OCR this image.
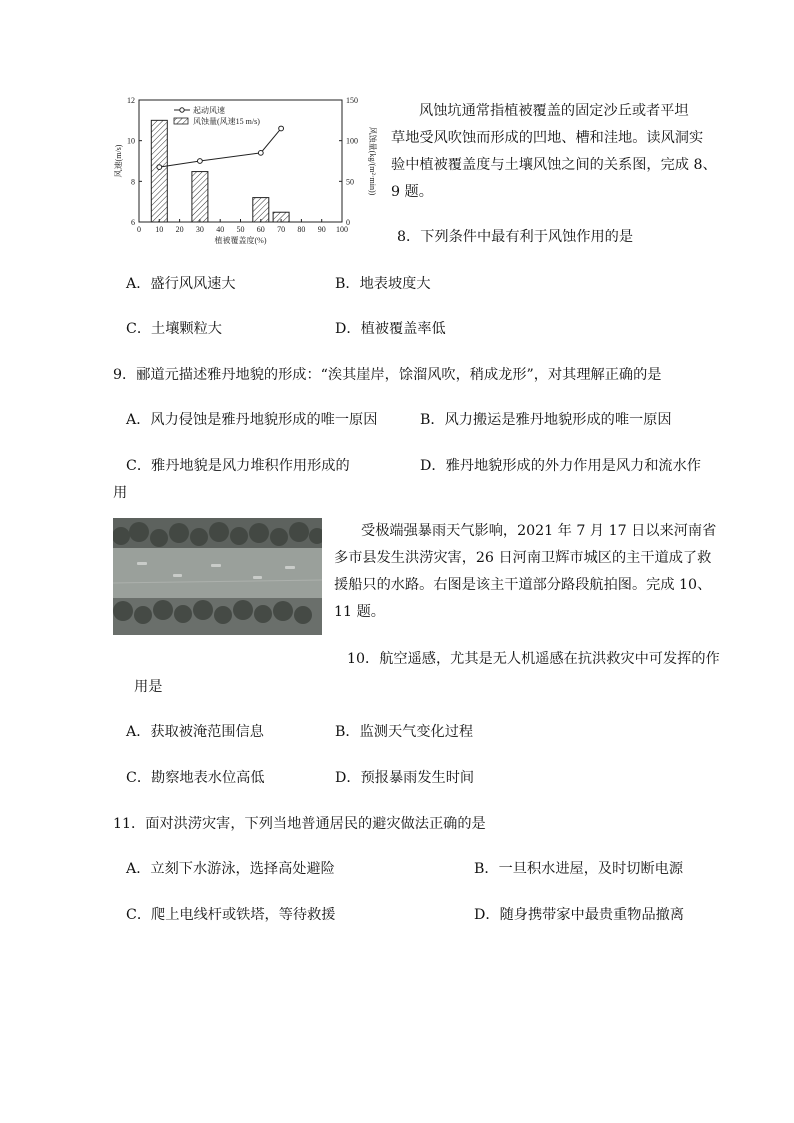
0 10 20 30 40 50 60 70 80 90 100
6
8
10
12
0
50
100
150
植被覆盖度(%)
风速(m/s)	风蚀量(kg/(m²·min))
起动风速
风蚀量(风速15 m/s)
风蚀坑通常指植被覆盖的固定沙丘或者平坦
草地受风吹蚀而形成的凹地、槽和洼地。读风洞实
验中植被覆盖度与土壤风蚀之间的关系图，完成 8、
9 题。
8．下列条件中最有利于风蚀作用的是
A．盛行风风速大	B．地表坡度大
C．土壤颗粒大	D．植被覆盖率低
9．郦道元描述雅丹地貌的形成：“涘其崖岸，馀溜风吹，稍成龙形”，对其理解正确的是
A．风力侵蚀是雅丹地貌形成的唯一原因	B．风力搬运是雅丹地貌形成的唯一原因
C．雅丹地貌是风力堆积作用形成的	D．雅丹地貌形成的外力作用是风力和流水作
用
受极端强暴雨天气影响，2021 年 7 月 17 日以来河南省
多市县发生洪涝灾害，26 日河南卫辉市城区的主干道成了救
援船只的水路。右图是该主干道部分路段航拍图。完成 10、
11 题。
10．航空遥感，尤其是无人机遥感在抗洪救灾中可发挥的作
用是
A．获取被淹范围信息	B．监测天气变化过程
C．勘察地表水位高低	D．预报暴雨发生时间
11．面对洪涝灾害，下列当地普通居民的避灾做法正确的是
A．立刻下水游泳，选择高处避险	B．一旦积水进屋，及时切断电源
C．爬上电线杆或铁塔，等待救援	D．随身携带家中最贵重物品撤离
